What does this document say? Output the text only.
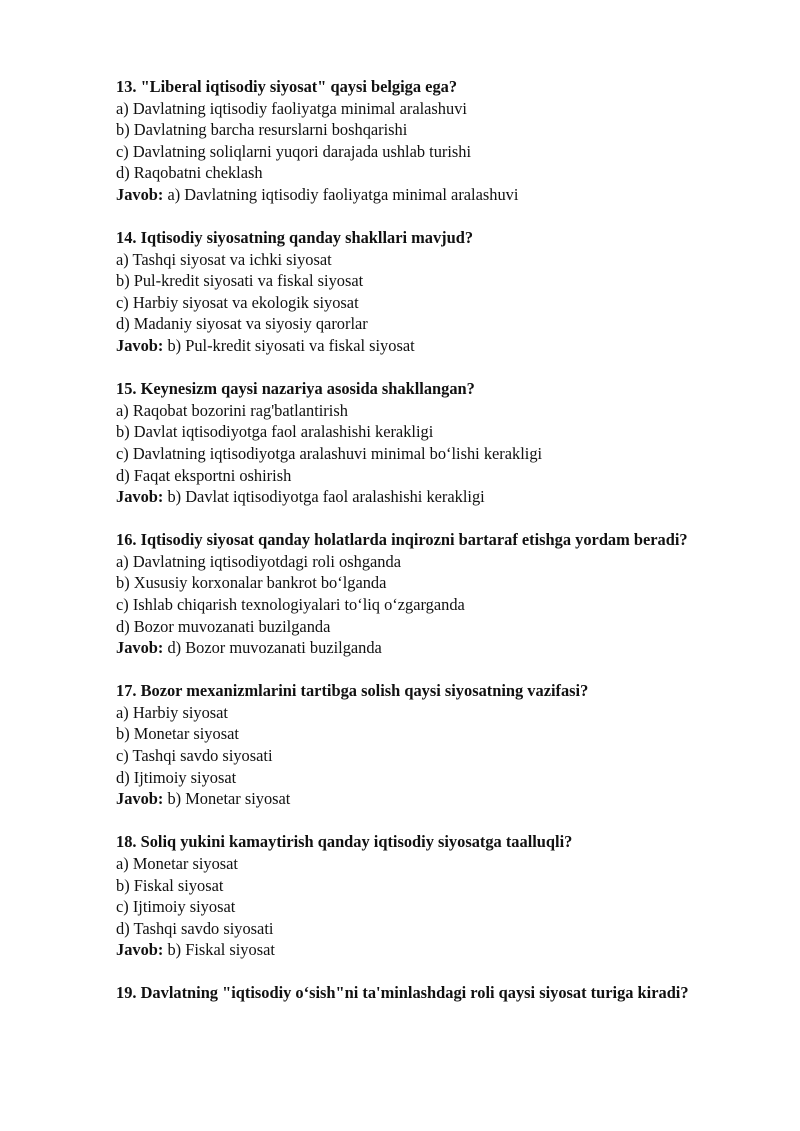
13. "Liberal iqtisodiy siyosat" qaysi belgiga ega?

a) Davlatning iqtisodiy faoliyatga minimal aralashuvi

b) Davlatning barcha resurslarni boshqarishi

c) Davlatning soliqlarni yuqori darajada ushlab turishi

d) Raqobatni cheklash

Javob: a) Davlatning iqtisodiy faoliyatga minimal aralashuvi

14. Iqtisodiy siyosatning qanday shakllari mavjud?

a) Tashqi siyosat va ichki siyosat

b) Pul-kredit siyosati va fiskal siyosat

c) Harbiy siyosat va ekologik siyosat

d) Madaniy siyosat va siyosiy qarorlar

Javob: b) Pul-kredit siyosati va fiskal siyosat

15. Keynesizm qaysi nazariya asosida shakllangan?

a) Raqobat bozorini rag'batlantirish

b) Davlat iqtisodiyotga faol aralashishi kerakligi

c) Davlatning iqtisodiyotga aralashuvi minimal bo‘lishi kerakligi

d) Faqat eksportni oshirish

Javob: b) Davlat iqtisodiyotga faol aralashishi kerakligi

16. Iqtisodiy siyosat qanday holatlarda inqirozni bartaraf etishga yordam beradi?

a) Davlatning iqtisodiyotdagi roli oshganda

b) Xususiy korxonalar bankrot bo‘lganda

c) Ishlab chiqarish texnologiyalari to‘liq o‘zgarganda

d) Bozor muvozanati buzilganda

Javob: d) Bozor muvozanati buzilganda

17. Bozor mexanizmlarini tartibga solish qaysi siyosatning vazifasi?

a) Harbiy siyosat

b) Monetar siyosat

c) Tashqi savdo siyosati

d) Ijtimoiy siyosat

Javob: b) Monetar siyosat

18. Soliq yukini kamaytirish qanday iqtisodiy siyosatga taalluqli?

a) Monetar siyosat

b) Fiskal siyosat

c) Ijtimoiy siyosat

d) Tashqi savdo siyosati

Javob: b) Fiskal siyosat

19. Davlatning "iqtisodiy o‘sish"ni ta'minlashdagi roli qaysi siyosat turiga kiradi?
